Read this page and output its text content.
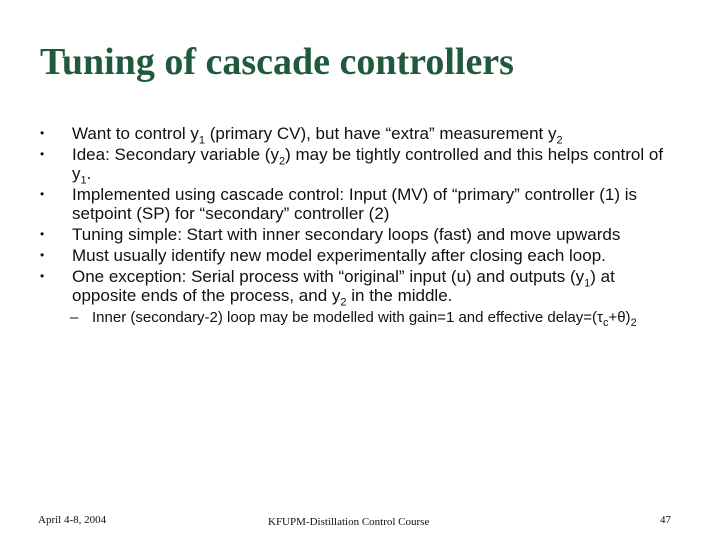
Tuning of cascade controllers
•	Want to control $y_1$ (primary CV), but have “extra” measurement $y_2$
•	Idea: Secondary variable $(y_2)$ may be tightly controlled and this helps control of $y_1$.
•	Implemented using cascade control: Input (MV) of “primary” controller (1) is setpoint (SP) for “secondary” controller (2)
•	Tuning simple: Start with inner secondary loops (fast) and move upwards
•	Must usually identify new model experimentally after closing each loop.
•	One exception: Serial process with “original” input (u) and outputs $(y_1)$ at opposite ends of the process, and $y_2$ in the middle.
– Inner (secondary-2) loop may be modelled with gain=1 and effective $delay=(\tau_c+\theta)_2$
April 4-8, 2004	KFUPM-Distillation Control Course	47
